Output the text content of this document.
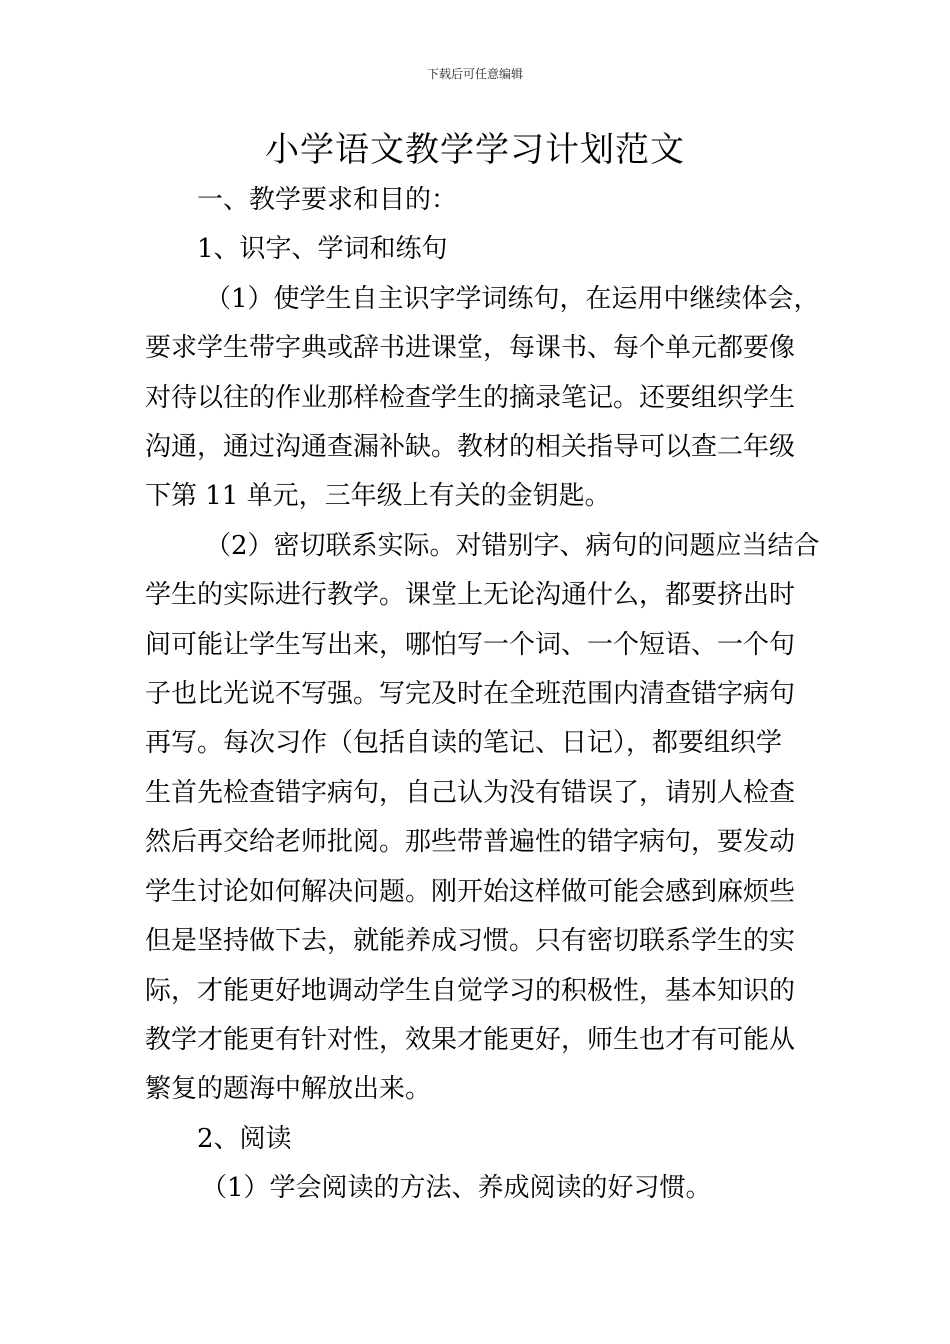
下载后可任意编辑
小学语文教学学习计划范文

一、教学要求和目的：

1、识字、学词和练句

（1）使学生自主识字学词练句，在运用中继续体会，

要求学生带字典或辞书进课堂，每课书、每个单元都要像

对待以往的作业那样检查学生的摘录笔记。还要组织学生

沟通，通过沟通查漏补缺。教材的相关指导可以查二年级

下第 11 单元，三年级上有关的金钥匙。

（2）密切联系实际。对错别字、病句的问题应当结合

学生的实际进行教学。课堂上无论沟通什么，都要挤出时

间可能让学生写出来，哪怕写一个词、一个短语、一个句

子也比光说不写强。写完及时在全班范围内清查错字病句

再写。每次习作（包括自读的笔记、日记），都要组织学

生首先检查错字病句，自己认为没有错误了，请别人检查

然后再交给老师批阅。那些带普遍性的错字病句，要发动

学生讨论如何解决问题。刚开始这样做可能会感到麻烦些

但是坚持做下去，就能养成习惯。只有密切联系学生的实

际，才能更好地调动学生自觉学习的积极性，基本知识的

教学才能更有针对性，效果才能更好，师生也才有可能从

繁复的题海中解放出来。

2、阅读

（1）学会阅读的方法、养成阅读的好习惯。
